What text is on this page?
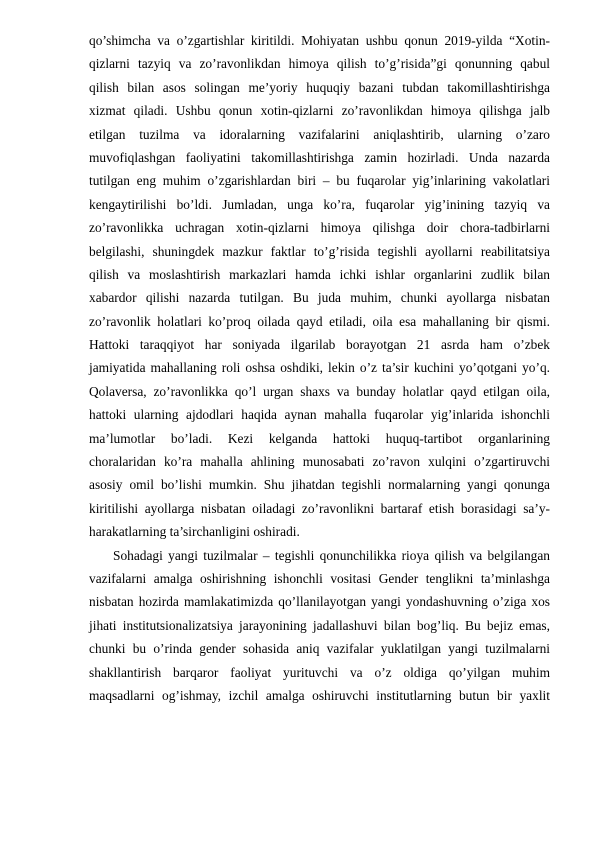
qo’shimcha va o’zgartishlar kiritildi. Mohiyatan ushbu qonun 2019-yilda “Xotin-
qizlarni tazyiq va zo’ravonlikdan himoya qilish to’g’risida”gi qonunning qabul
qilish bilan asos solingan me’yoriy huquqiy bazani tubdan takomillashtirishga
xizmat qiladi. Ushbu qonun xotin-qizlarni zo’ravonlikdan himoya qilishga jalb
etilgan tuzilma va idoralarning vazifalarini aniqlashtirib, ularning o’zaro
muvofiqlashgan faoliyatini takomillashtirishga zamin hozirladi. Unda nazarda
tutilgan eng muhim o’zgarishlardan biri – bu fuqarolar yig’inlarining vakolatlari
kengaytirilishi bo’ldi. Jumladan, unga ko’ra, fuqarolar yig’inining tazyiq va
zo’ravonlikka uchragan xotin-qizlarni himoya qilishga doir chora-tadbirlarni
belgilashi, shuningdek mazkur faktlar to’g’risida tegishli ayollarni reabilitatsiya
qilish va moslashtirish markazlari hamda ichki ishlar organlarini zudlik bilan
xabardor qilishi nazarda tutilgan. Bu juda muhim, chunki ayollarga nisbatan
zo’ravonlik holatlari ko’proq oilada qayd etiladi, oila esa mahallaning bir qismi.
Hattoki taraqqiyot har soniyada ilgarilab borayotgan 21 asrda ham o’zbek
jamiyatida mahallaning roli oshsa oshdiki, lekin o’z ta’sir kuchini yo’qotgani yo’q.
Qolaversa, zo’ravonlikka qo’l urgan shaxs va bunday holatlar qayd etilgan oila,
hattoki ularning ajdodlari haqida aynan mahalla fuqarolar yig’inlarida ishonchli
ma’lumotlar bo’ladi. Kezi kelganda hattoki huquq-tartibot organlarining
choralaridan ko’ra mahalla ahlining munosabati zo’ravon xulqini o’zgartiruvchi
asosiy omil bo’lishi mumkin. Shu jihatdan tegishli normalarning yangi qonunga
kiritilishi ayollarga nisbatan oiladagi zo’ravonlikni bartaraf etish borasidagi sa’y-
harakatlarning ta’sirchanligini oshiradi.
Sohadagi yangi tuzilmalar – tegishli qonunchilikka rioya qilish va belgilangan
vazifalarni amalga oshirishning ishonchli vositasi Gender tenglikni ta’minlashga
nisbatan hozirda mamlakatimizda qo’llanilayotgan yangi yondashuvning o’ziga xos
jihati institutsionalizatsiya jarayonining jadallashuvi bilan bog’liq. Bu bejiz emas,
chunki bu o’rinda gender sohasida aniq vazifalar yuklatilgan yangi tuzilmalarni
shakllantirish barqaror faoliyat yurituvchi va o’z oldiga qo’yilgan muhim
maqsadlarni og’ishmay, izchil amalga oshiruvchi institutlarning butun bir yaxlit
